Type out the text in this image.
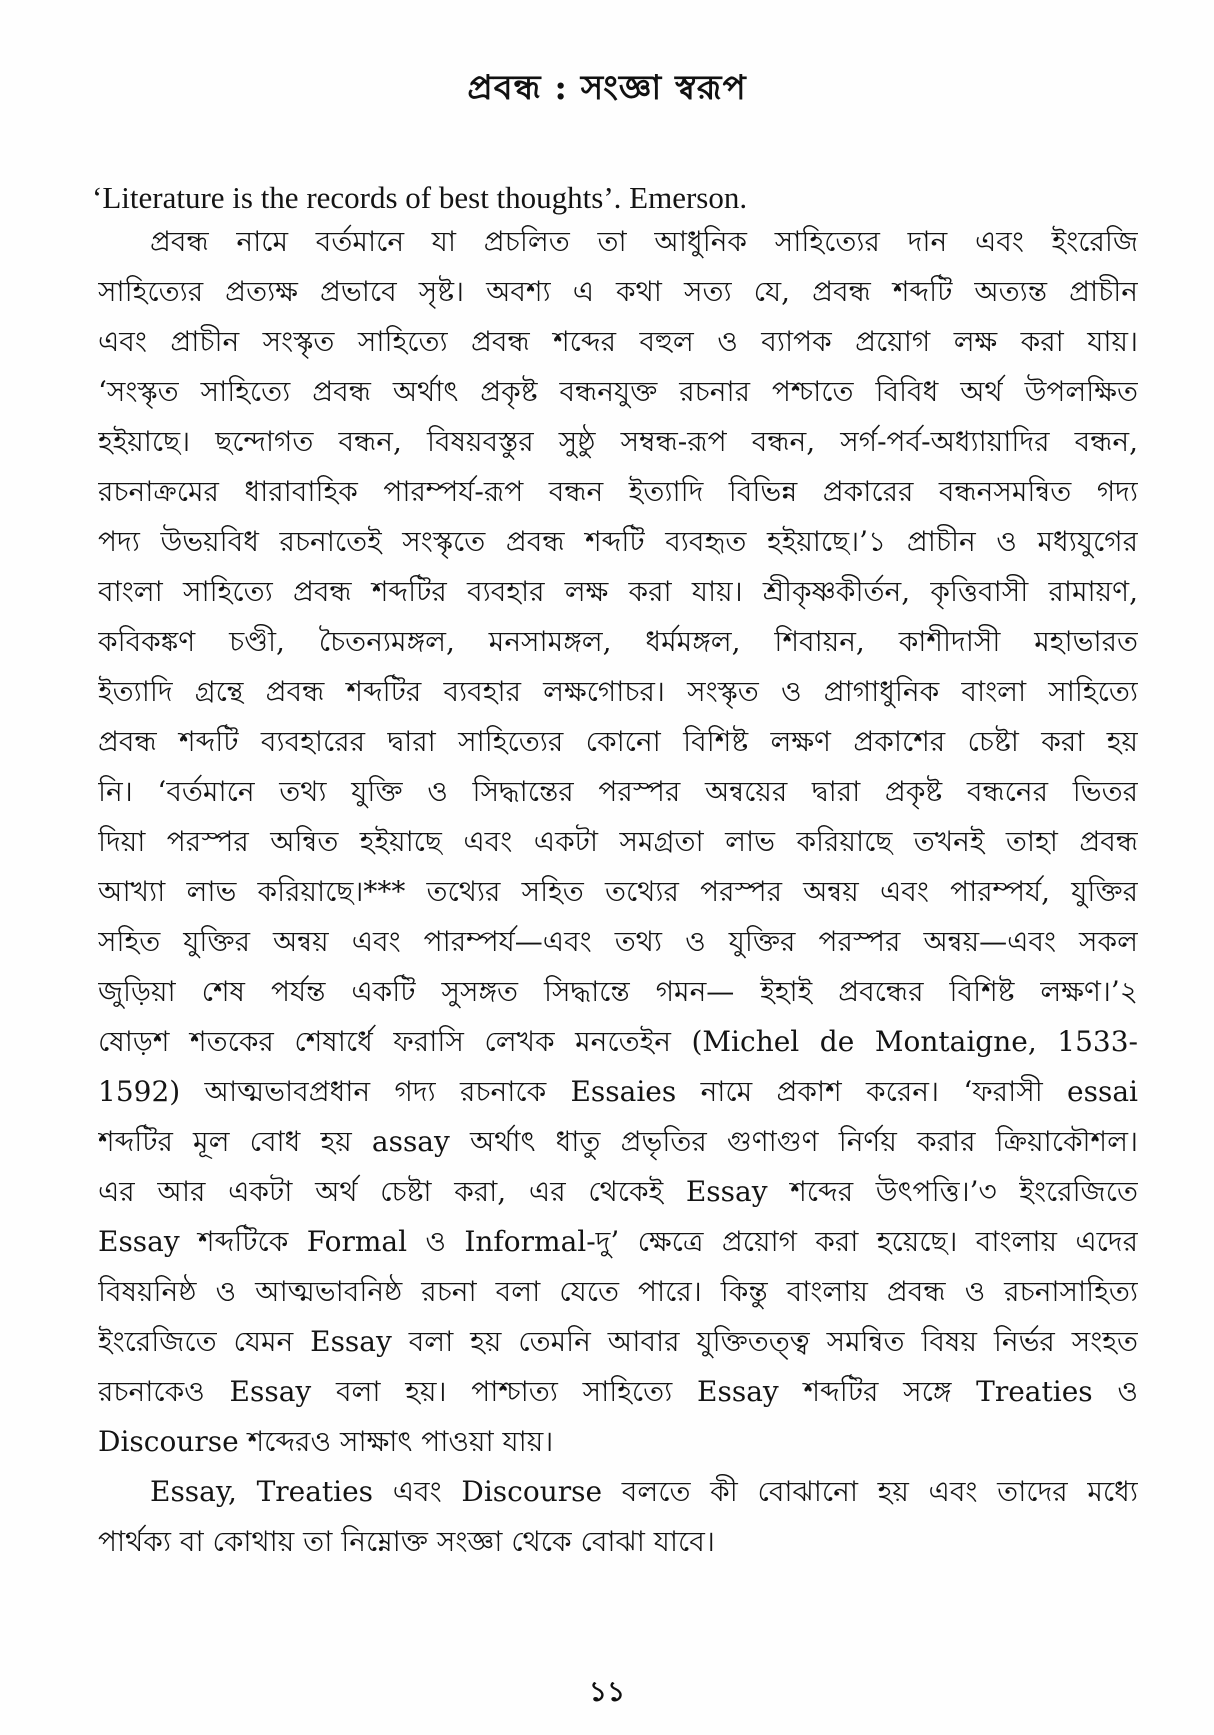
প্রবন্ধ : সংজ্ঞা স্বরূপ
‘Literature is the records of best thoughts’. Emerson.
প্রবন্ধ নামে বর্তমানে যা প্রচলিত তা আধুনিক সাহিত্যের দান এবং ইংরেজি
সাহিত্যের প্রত্যক্ষ প্রভাবে সৃষ্ট। অবশ্য এ কথা সত্য যে, প্রবন্ধ শব্দটি অত্যন্ত প্রাচীন
এবং প্রাচীন সংস্কৃত সাহিত্যে প্রবন্ধ শব্দের বহুল ও ব্যাপক প্রয়োগ লক্ষ করা যায়।
‘সংস্কৃত সাহিত্যে প্রবন্ধ অর্থাৎ প্রকৃষ্ট বন্ধনযুক্ত রচনার পশ্চাতে বিবিধ অর্থ উপলক্ষিত
হইয়াছে। ছন্দোগত বন্ধন, বিষয়বস্তুর সুষ্ঠু সম্বন্ধ-রূপ বন্ধন, সর্গ-পর্ব-অধ্যায়াদির বন্ধন,
রচনাক্রমের ধারাবাহিক পারম্পর্য-রূপ বন্ধন ইত্যাদি বিভিন্ন প্রকারের বন্ধনসমন্বিত গদ্য
পদ্য উভয়বিধ রচনাতেই সংস্কৃতে প্রবন্ধ শব্দটি ব্যবহৃত হইয়াছে।’১ প্রাচীন ও মধ্যযুগের
বাংলা সাহিত্যে প্রবন্ধ শব্দটির ব্যবহার লক্ষ করা যায়। শ্রীকৃষ্ণকীর্তন, কৃত্তিবাসী রামায়ণ,
কবিকঙ্কণ চণ্ডী, চৈতন্যমঙ্গল, মনসামঙ্গল, ধর্মমঙ্গল, শিবায়ন, কাশীদাসী মহাভারত
ইত্যাদি গ্রন্থে প্রবন্ধ শব্দটির ব্যবহার লক্ষগোচর। সংস্কৃত ও প্রাগাধুনিক বাংলা সাহিত্যে
প্রবন্ধ শব্দটি ব্যবহারের দ্বারা সাহিত্যের কোনো বিশিষ্ট লক্ষণ প্রকাশের চেষ্টা করা হয়
নি। ‘বর্তমানে তথ্য যুক্তি ও সিদ্ধান্তের পরস্পর অন্বয়ের দ্বারা প্রকৃষ্ট বন্ধনের ভিতর
দিয়া পরস্পর অন্বিত হইয়াছে এবং একটা সমগ্রতা লাভ করিয়াছে তখনই তাহা প্রবন্ধ
আখ্যা লাভ করিয়াছে।*** তথ্যের সহিত তথ্যের পরস্পর অন্বয় এবং পারম্পর্য, যুক্তির
সহিত যুক্তির অন্বয় এবং পারম্পর্য—এবং তথ্য ও যুক্তির পরস্পর অন্বয়—এবং সকল
জুড়িয়া শেষ পর্যন্ত একটি সুসঙ্গত সিদ্ধান্তে গমন— ইহাই প্রবন্ধের বিশিষ্ট লক্ষণ।’২
ষোড়শ শতকের শেষার্ধে ফরাসি লেখক মনতেইন (Michel de Montaigne, 1533-
1592) আত্মভাবপ্রধান গদ্য রচনাকে Essaies নামে প্রকাশ করেন। ‘ফরাসী essai
শব্দটির মূল বোধ হয় assay অর্থাৎ ধাতু প্রভৃতির গুণাগুণ নির্ণয় করার ক্রিয়াকৌশল।
এর আর একটা অর্থ চেষ্টা করা, এর থেকেই Essay শব্দের উৎপত্তি।’৩ ইংরেজিতে
Essay শব্দটিকে Formal ও Informal-দু’ ক্ষেত্রে প্রয়োগ করা হয়েছে। বাংলায় এদের
বিষয়নিষ্ঠ ও আত্মভাবনিষ্ঠ রচনা বলা যেতে পারে। কিন্তু বাংলায় প্রবন্ধ ও রচনাসাহিত্য
ইংরেজিতে যেমন Essay বলা হয় তেমনি আবার যুক্তিতত্ত্ব সমন্বিত বিষয় নির্ভর সংহত
রচনাকেও Essay বলা হয়। পাশ্চাত্য সাহিত্যে Essay শব্দটির সঙ্গে Treaties ও
Discourse শব্দেরও সাক্ষাৎ পাওয়া যায়।
Essay, Treaties এবং Discourse বলতে কী বোঝানো হয় এবং তাদের মধ্যে
পার্থক্য বা কোথায় তা নিম্নোক্ত সংজ্ঞা থেকে বোঝা যাবে।
১১
